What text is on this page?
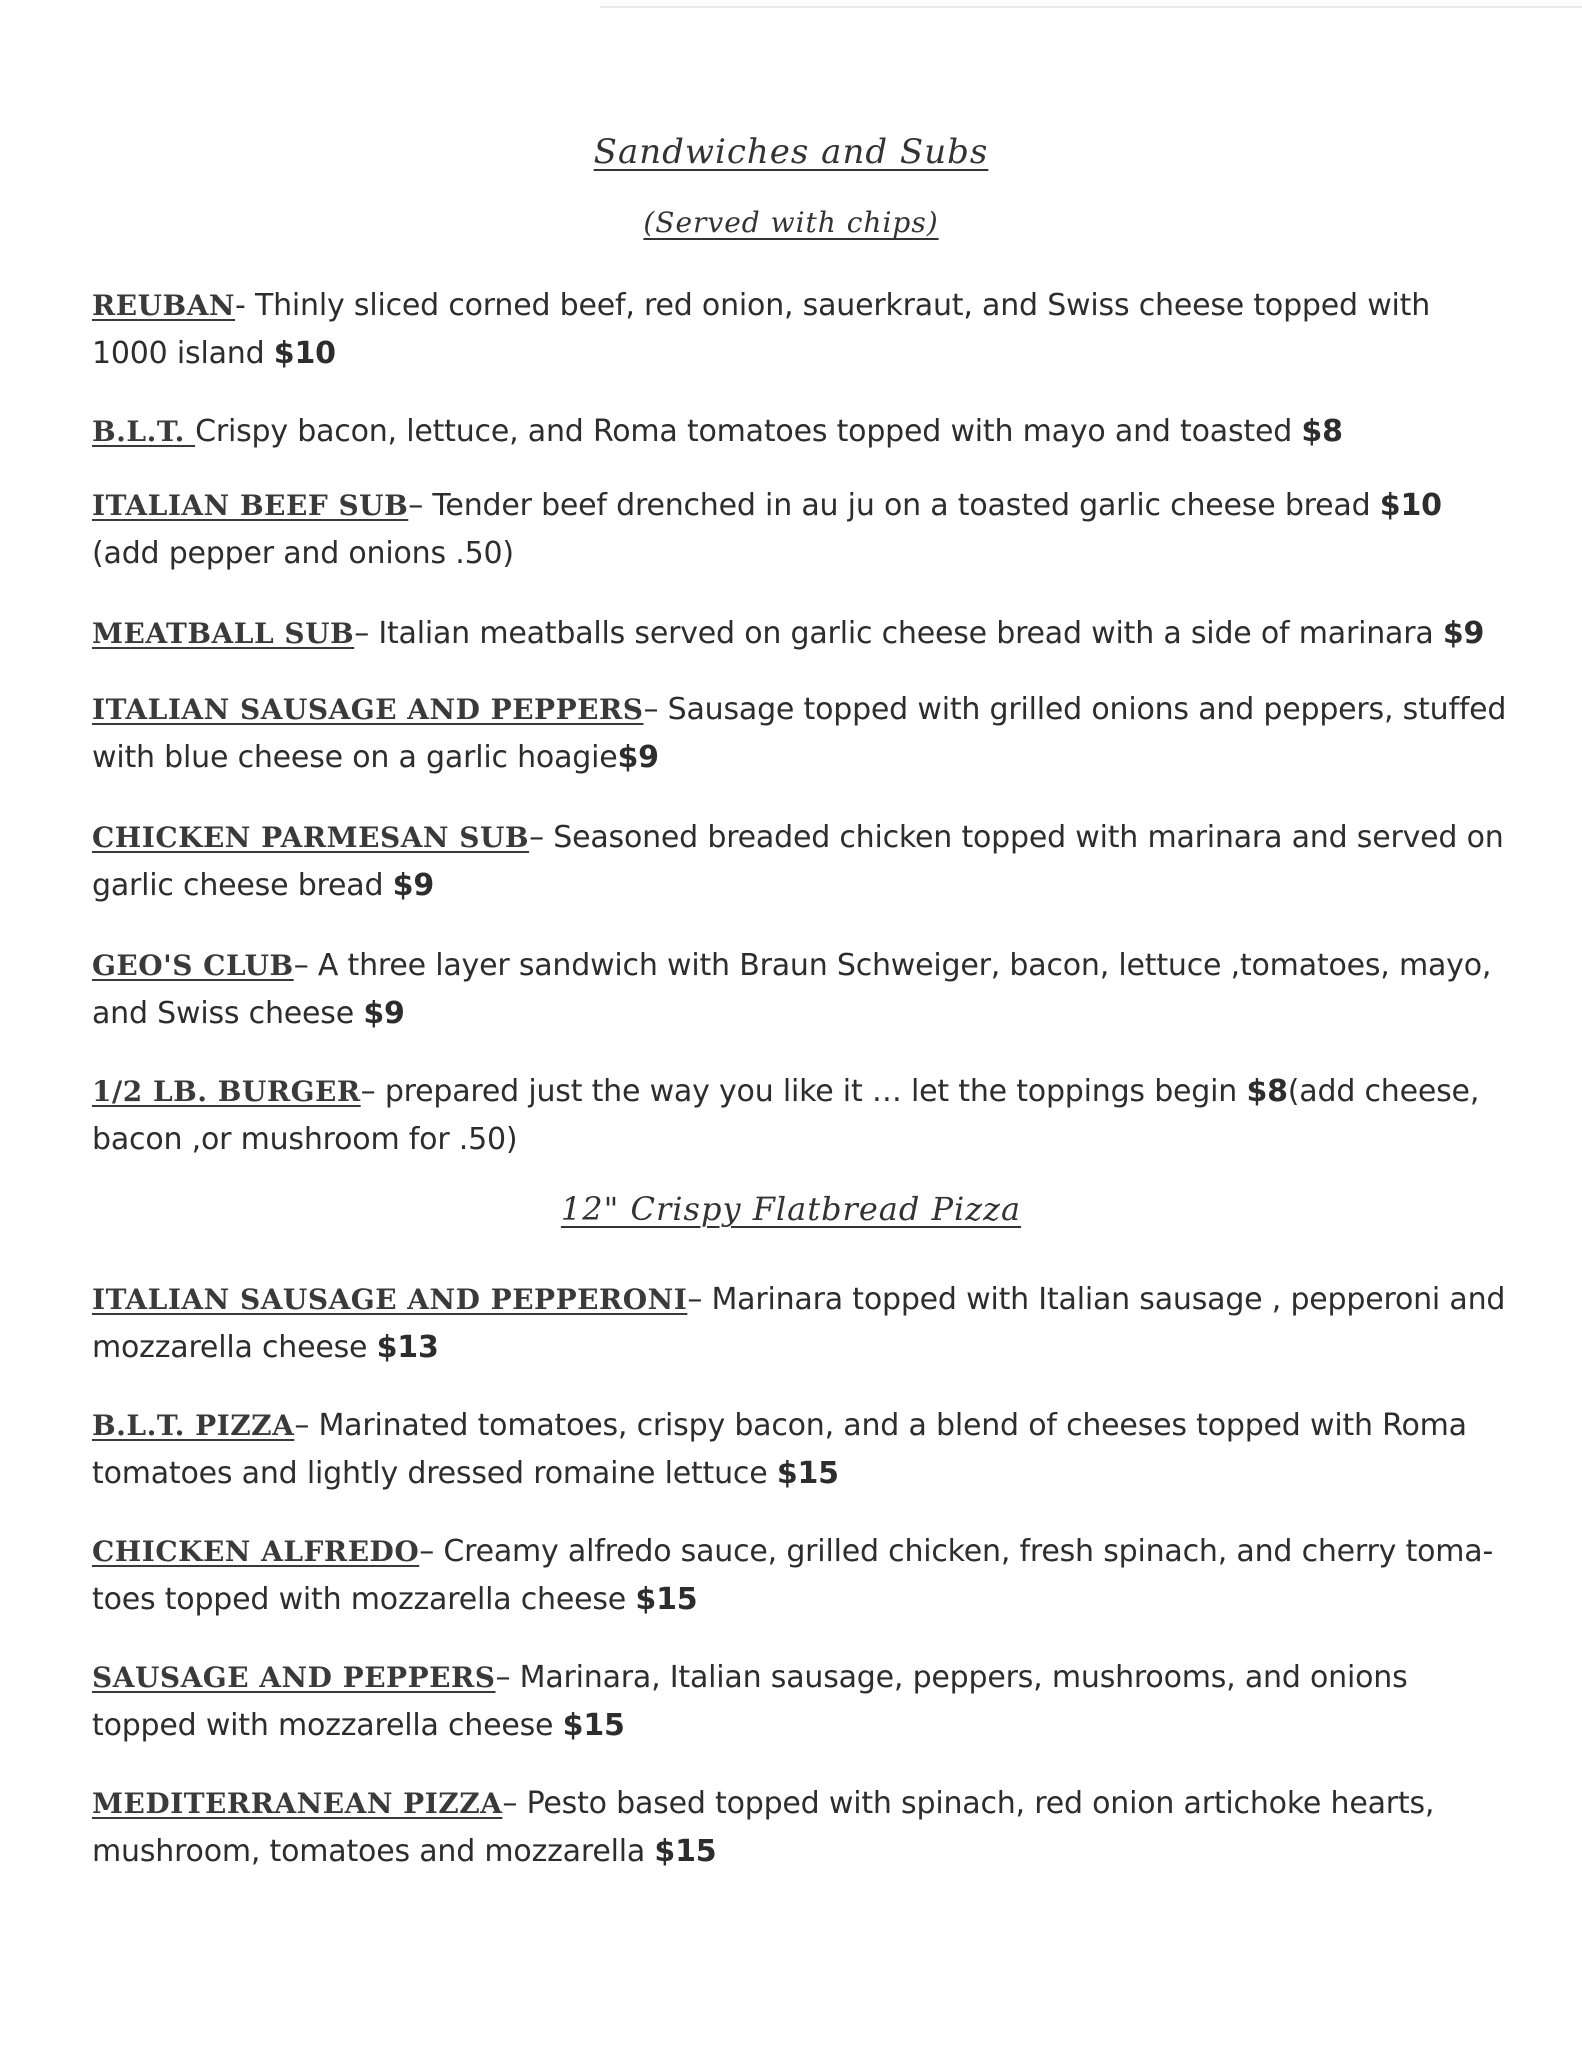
Sandwiches and Subs
(Served with chips)
REUBAN- Thinly sliced corned beef, red onion, sauerkraut, and Swiss cheese topped with 1000 island $10
B.L.T. Crispy bacon, lettuce, and Roma tomatoes topped with mayo and toasted $8
ITALIAN BEEF SUB– Tender beef drenched in au ju on a toasted garlic cheese bread $10 (add pepper and onions .50)
MEATBALL SUB– Italian meatballs served on garlic cheese bread with a side of marinara $9
ITALIAN SAUSAGE AND PEPPERS– Sausage topped with grilled onions and peppers, stuffed with blue cheese on a garlic hoagie$9
CHICKEN PARMESAN SUB– Seasoned breaded chicken topped with marinara and served on garlic cheese bread $9
GEO'S CLUB– A three layer sandwich with Braun Schweiger, bacon, lettuce ,tomatoes, mayo, and Swiss cheese $9
1/2 LB. BURGER– prepared just the way you like it … let the toppings begin $8(add cheese, bacon ,or mushroom for .50)
12" Crispy Flatbread Pizza
ITALIAN SAUSAGE AND PEPPERONI– Marinara topped with Italian sausage , pepperoni and mozzarella cheese $13
B.L.T. PIZZA– Marinated tomatoes, crispy bacon, and a blend of cheeses topped with Roma tomatoes and lightly dressed romaine lettuce $15
CHICKEN ALFREDO– Creamy alfredo sauce, grilled chicken, fresh spinach, and cherry toma-toes topped with mozzarella cheese $15
SAUSAGE AND PEPPERS– Marinara, Italian sausage, peppers, mushrooms, and onions topped with mozzarella cheese $15
MEDITERRANEAN PIZZA– Pesto based topped with spinach, red onion artichoke hearts, mushroom, tomatoes and mozzarella $15
